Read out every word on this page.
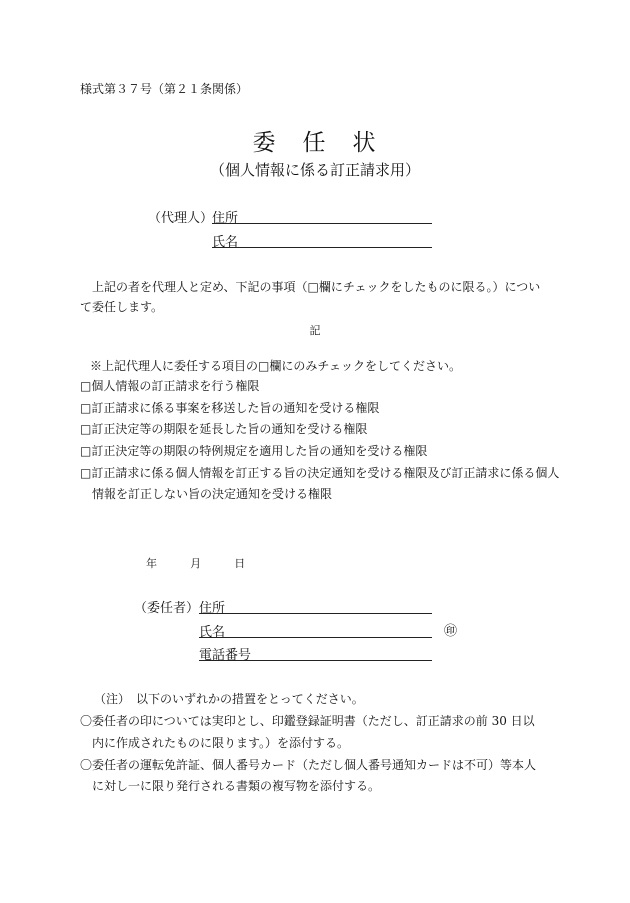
様式第３７号（第２１条関係）
委　任　状
（個人情報に係る訂正請求用）
（代理人）
住所
氏名
　上記の者を代理人と定め、下記の事項（□欄にチェックをしたものに限る。）について委任します。
記
※上記代理人に委任する項目の□欄にのみチェックをしてください。
□個人情報の訂正請求を行う権限
□訂正請求に係る事案を移送した旨の通知を受ける権限
□訂正決定等の期限を延長した旨の通知を受ける権限
□訂正決定等の期限の特例規定を適用した旨の通知を受ける権限
□訂正請求に係る個人情報を訂正する旨の決定通知を受ける権限及び訂正請求に係る個人
情報を訂正しない旨の決定通知を受ける権限
年	月	日
（委任者） 住所
氏名	㊞
電話番号
（注）　以下のいずれかの措置をとってください。
〇委任者の印については実印とし、印鑑登録証明書（ただし、訂正請求の前 30 日以
内に作成されたものに限ります。）を添付する。
〇委任者の運転免許証、個人番号カード（ただし個人番号通知カードは不可）等本人
に対し一に限り発行される書類の複写物を添付する。
